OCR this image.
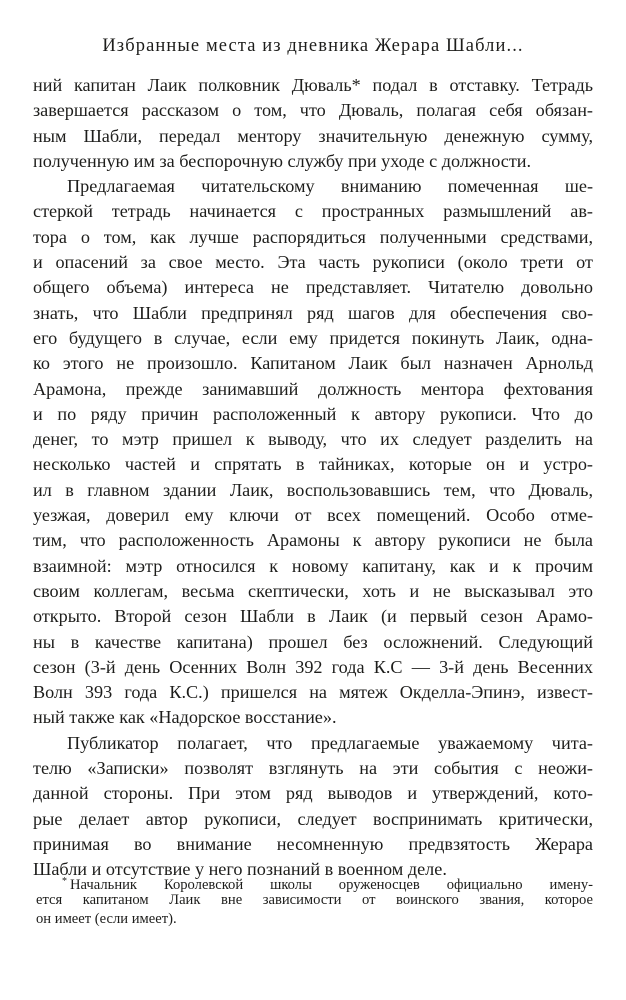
Избранные места из дневника Жерара Шабли...
ний капитан Лаик полковник Дюваль* подал в отставку. Тетрадь
завершается рассказом о том, что Дюваль, полагая себя обязан-
ным Шабли, передал ментору значительную денежную сумму,
полученную им за беспорочную службу при уходе с должности.
Предлагаемая читательскому вниманию помеченная ше-
стеркой тетрадь начинается с пространных размышлений ав-
тора о том, как лучше распорядиться полученными средствами,
и опасений за свое место. Эта часть рукописи (около трети от
общего объема) интереса не представляет. Читателю довольно
знать, что Шабли предпринял ряд шагов для обеспечения сво-
его будущего в случае, если ему придется покинуть Лаик, одна-
ко этого не произошло. Капитаном Лаик был назначен Арнольд
Арамона, прежде занимавший должность ментора фехтования
и по ряду причин расположенный к автору рукописи. Что до
денег, то мэтр пришел к выводу, что их следует разделить на
несколько частей и спрятать в тайниках, которые он и устро-
ил в главном здании Лаик, воспользовавшись тем, что Дюваль,
уезжая, доверил ему ключи от всех помещений. Особо отме-
тим, что расположенность Арамоны к автору рукописи не была
взаимной: мэтр относился к новому капитану, как и к прочим
своим коллегам, весьма скептически, хоть и не высказывал это
открыто. Второй сезон Шабли в Лаик (и первый сезон Арамо-
ны в качестве капитана) прошел без осложнений. Следующий
сезон (3-й день Осенних Волн 392 года К.С — 3-й день Весенних
Волн 393 года К.С.) пришелся на мятеж Окделла-Эпинэ, извест-
ный также как «Надорское восстание».
Публикатор полагает, что предлагаемые уважаемому чита-
телю «Записки» позволят взглянуть на эти события с неожи-
данной стороны. При этом ряд выводов и утверждений, кото-
рые делает автор рукописи, следует воспринимать критически,
принимая во внимание несомненную предвзятость Жерара
Шабли и отсутствие у него познаний в военном деле.
* Начальник Королевской школы оруженосцев официально имену-
ется капитаном Лаик вне зависимости от воинского звания, которое
он имеет (если имеет).
